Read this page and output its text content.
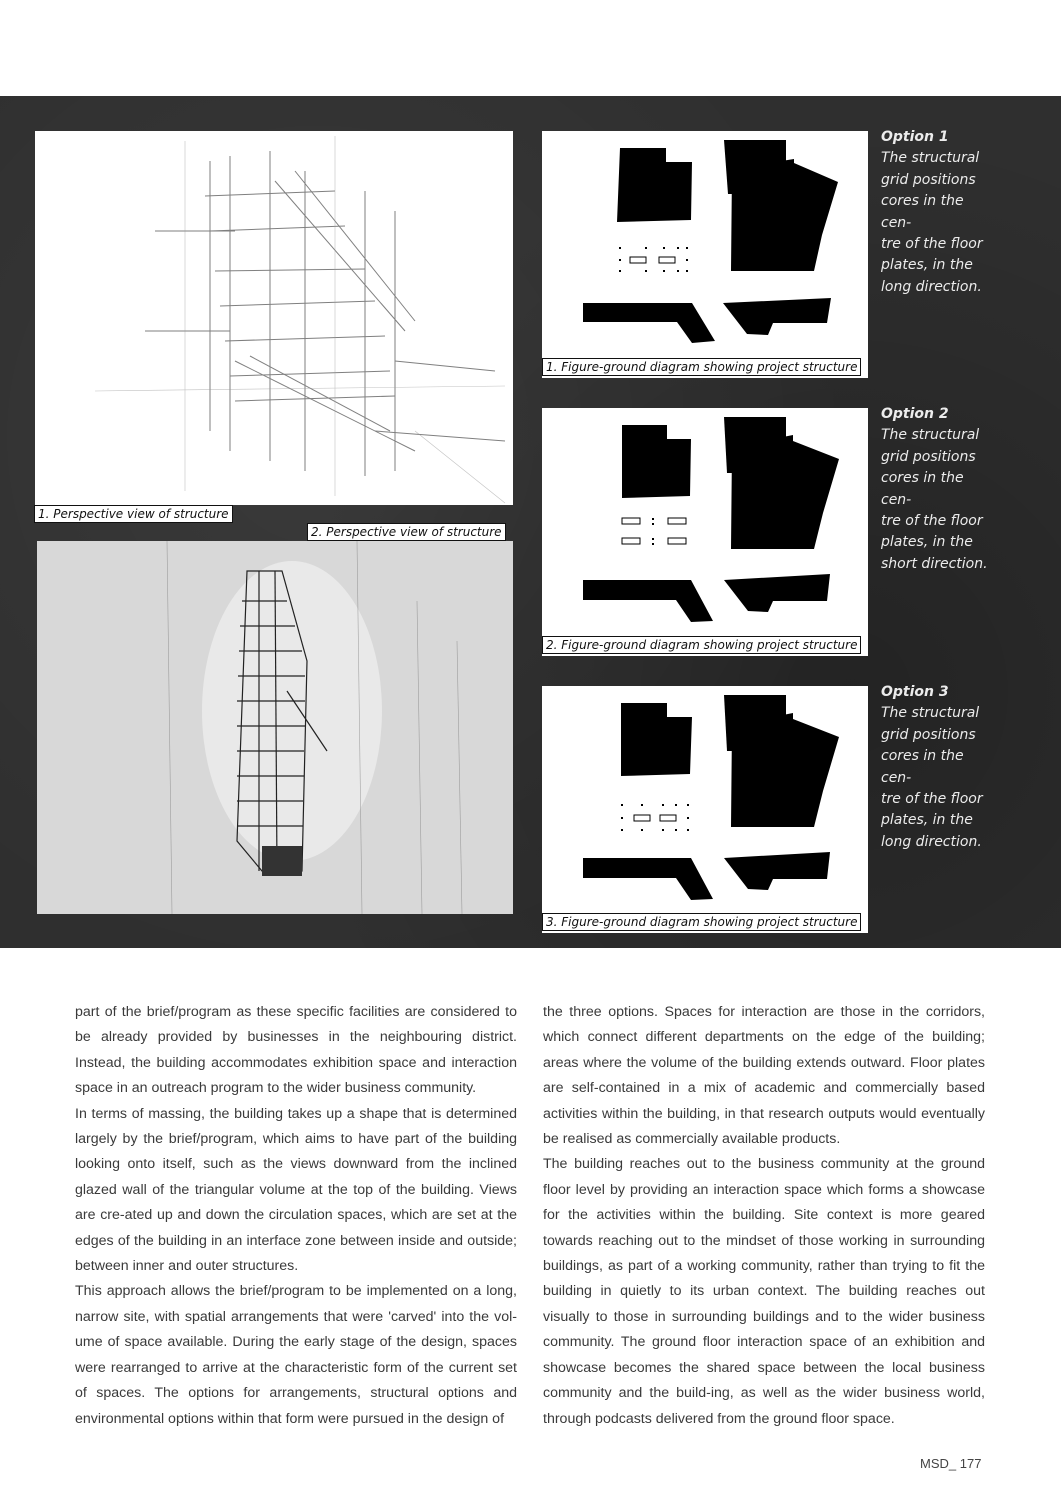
1. Perspective view of structure
2. Perspective view of structure
1. Figure-ground diagram showing project structure
2. Figure-ground diagram showing project structure
3. Figure-ground diagram showing project structure
Option 1
The structural
grid positions
cores in the cen-
tre of the floor
plates, in the
long direction.
Option 2
The structural
grid positions
cores in the cen-
tre of the floor
plates, in the
short direction.
Option 3
The structural
grid positions
cores in the cen-
tre of the floor
plates, in the
long direction.

part of the brief/program as these specific facilities are considered to be already provided by businesses in the neighbouring district. Instead, the building accommodates exhibition space and interaction space in an outreach program to the wider business community.

In terms of massing, the building takes up a shape that is determined largely by the brief/program, which aims to have part of the building looking onto itself, such as the views downward from the inclined glazed wall of the triangular volume at the top of the building. Views are cre-ated up and down the circulation spaces, which are set at the edges of the building in an interface zone between inside and outside; between inner and outer structures.

This approach allows the brief/program to be implemented on a long, narrow site, with spatial arrangements that were 'carved' into the vol-ume of space available. During the early stage of the design, spaces were rearranged to arrive at the characteristic form of the current set of spaces. The options for arrangements, structural options and environmental options within that form were pursued in the design of

the three options. Spaces for interaction are those in the corridors, which connect different departments on the edge of the building; areas where the volume of the building extends outward. Floor plates are self-contained in a mix of academic and commercially based activities within the building, in that research outputs would eventually be realised as commercially available products.

The building reaches out to the business community at the ground floor level by providing an interaction space which forms a showcase for the activities within the building. Site context is more geared towards reaching out to the mindset of those working in surrounding buildings, as part of a working community, rather than trying to fit the building in quietly to its urban context. The building reaches out visually to those in surrounding buildings and to the wider business community. The ground floor interaction space of an exhibition and showcase becomes the shared space between the local business community and the build-ing, as well as the wider business world, through podcasts delivered from the ground floor space.

MSD_ 177
